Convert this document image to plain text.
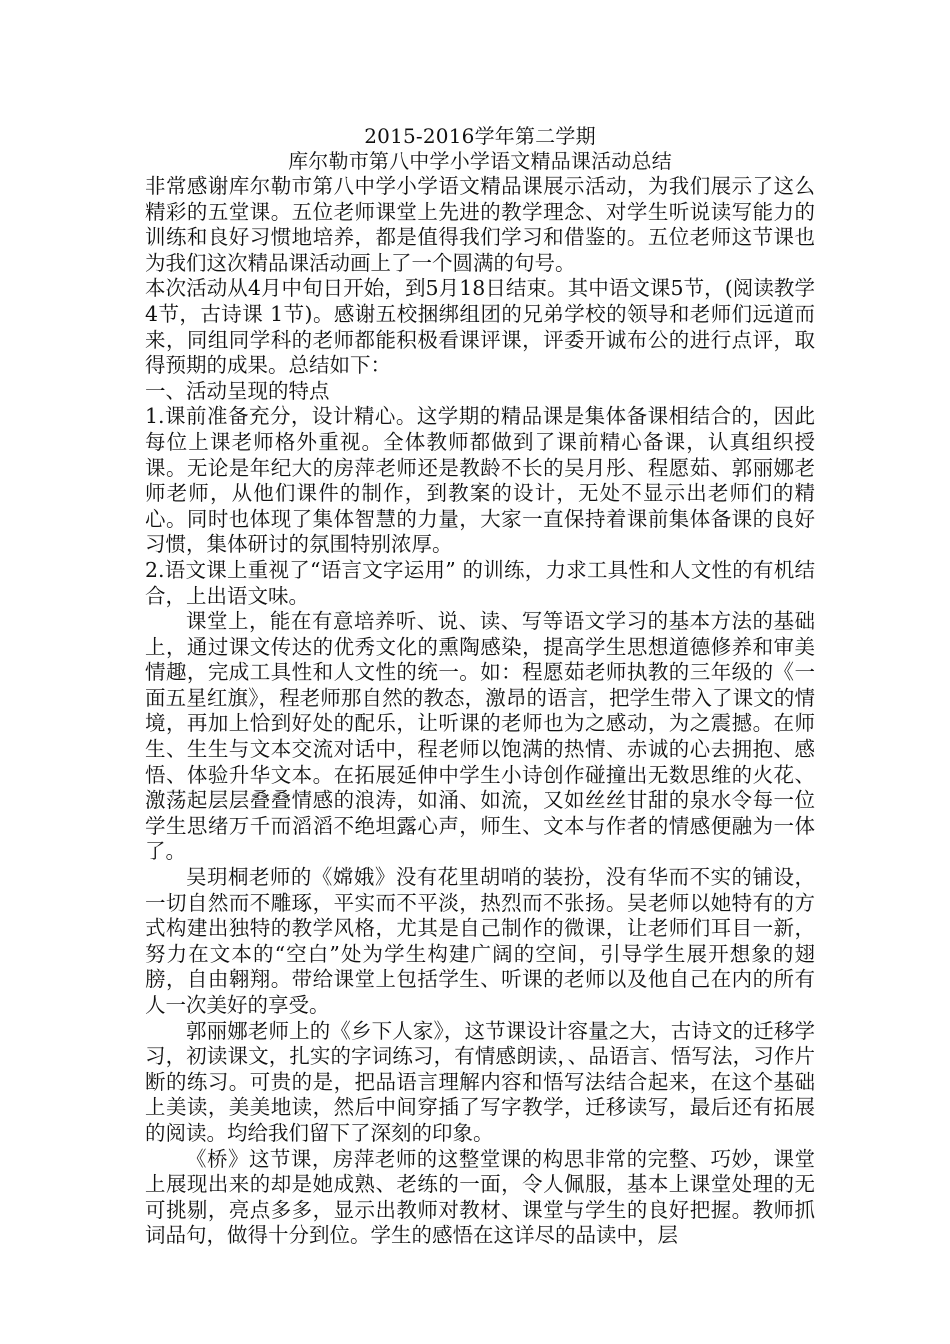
2015-2016学年第二学期

库尔勒市第八中学小学语文精品课活动总结

非常感谢库尔勒市第八中学小学语文精品课展示活动，为我们展示了这么精彩的五堂课。五位老师课堂上先进的教学理念、对学生听说读写能力的训练和良好习惯地培养，都是值得我们学习和借鉴的。五位老师这节课也为我们这次精品课活动画上了一个圆满的句号。

本次活动从4月中旬日开始，到5月18日结束。其中语文课5节，(阅读教学4节，古诗课 1节)。感谢五校捆绑组团的兄弟学校的领导和老师们远道而来，同组同学科的老师都能积极看课评课，评委开诚布公的进行点评，取得预期的成果。总结如下：

一、活动呈现的特点

1.课前准备充分，设计精心。这学期的精品课是集体备课相结合的，因此每位上课老师格外重视。全体教师都做到了课前精心备课，认真组织授课。无论是年纪大的房萍老师还是教龄不长的吴月彤、程愿茹、郭丽娜老师老师，从他们课件的制作，到教案的设计，无处不显示出老师们的精心。同时也体现了集体智慧的力量，大家一直保持着课前集体备课的良好习惯，集体研讨的氛围特别浓厚。

2.语文课上重视了“语言文字运用” 的训练，力求工具性和人文性的有机结合，上出语文味。

课堂上，能在有意培养听、说、读、写等语文学习的基本方法的基础上，通过课文传达的优秀文化的熏陶感染，提高学生思想道德修养和审美情趣，完成工具性和人文性的统一。如：程愿茹老师执教的三年级的《一面五星红旗》，程老师那自然的教态，激昂的语言，把学生带入了课文的情境，再加上恰到好处的配乐，让听课的老师也为之感动，为之震撼。在师生、生生与文本交流对话中，程老师以饱满的热情、赤诚的心去拥抱、感悟、体验升华文本。在拓展延伸中学生小诗创作碰撞出无数思维的火花、激荡起层层叠叠情感的浪涛，如涌、如流，又如丝丝甘甜的泉水令每一位学生思绪万千而滔滔不绝坦露心声，师生、文本与作者的情感便融为一体了。

吴玥桐老师的《嫦娥》没有花里胡哨的装扮，没有华而不实的铺设，一切自然而不雕琢，平实而不平淡，热烈而不张扬。吴老师以她特有的方式构建出独特的教学风格，尤其是自己制作的微课，让老师们耳目一新，努力在文本的“空白”处为学生构建广阔的空间，引导学生展开想象的翅膀，自由翱翔。带给课堂上包括学生、听课的老师以及他自己在内的所有人一次美好的享受。

郭丽娜老师上的《乡下人家》，这节课设计容量之大，古诗文的迁移学习，初读课文，扎实的字词练习，有情感朗读，、品语言、悟写法，习作片断的练习。可贵的是，把品语言理解内容和悟写法结合起来，在这个基础上美读，美美地读，然后中间穿插了写字教学，迁移读写，最后还有拓展的阅读。均给我们留下了深刻的印象。

《桥》这节课，房萍老师的这整堂课的构思非常的完整、巧妙，课堂上展现出来的却是她成熟、老练的一面，令人佩服，基本上课堂处理的无可挑剔，亮点多多，显示出教师对教材、课堂与学生的良好把握。教师抓词品句，做得十分到位。学生的感悟在这详尽的品读中，层
